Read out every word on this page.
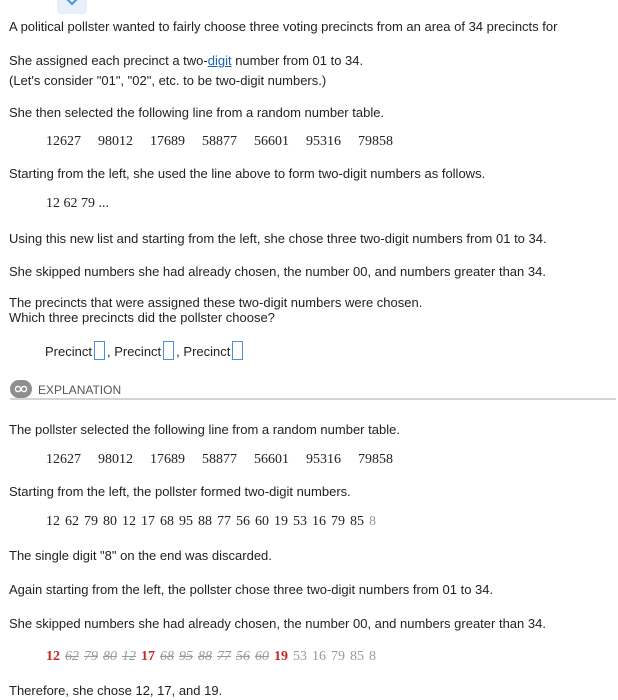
A political pollster wanted to fairly choose three voting precincts from an area of 34 precincts for
She assigned each precinct a two-digit number from 01 to 34.
(Let's consider "01", "02", etc. to be two-digit numbers.)
She then selected the following line from a random number table.
12627 98012 17689 58877 56601 95316 79858
Starting from the left, she used the line above to form two-digit numbers as follows.
12 62 79 ...
Using this new list and starting from the left, she chose three two-digit numbers from 01 to 34.
She skipped numbers she had already chosen, the number 00, and numbers greater than 34.
The precincts that were assigned these two-digit numbers were chosen.
Which three precincts did the pollster choose?
Precinct , Precinct , Precinct
EXPLANATION
The pollster selected the following line from a random number table.
12627 98012 17689 58877 56601 95316 79858
Starting from the left, the pollster formed two-digit numbers.
12 62 79 80 12 17 68 95 88 77 56 60 19 53 16 79 85 8
The single digit "8" on the end was discarded.
Again starting from the left, the pollster chose three two-digit numbers from 01 to 34.
She skipped numbers she had already chosen, the number 00, and numbers greater than 34.
12 62 79 80 12 17 68 95 88 77 56 60 19 53 16 79 85 8
Therefore, she chose 12, 17, and 19.
